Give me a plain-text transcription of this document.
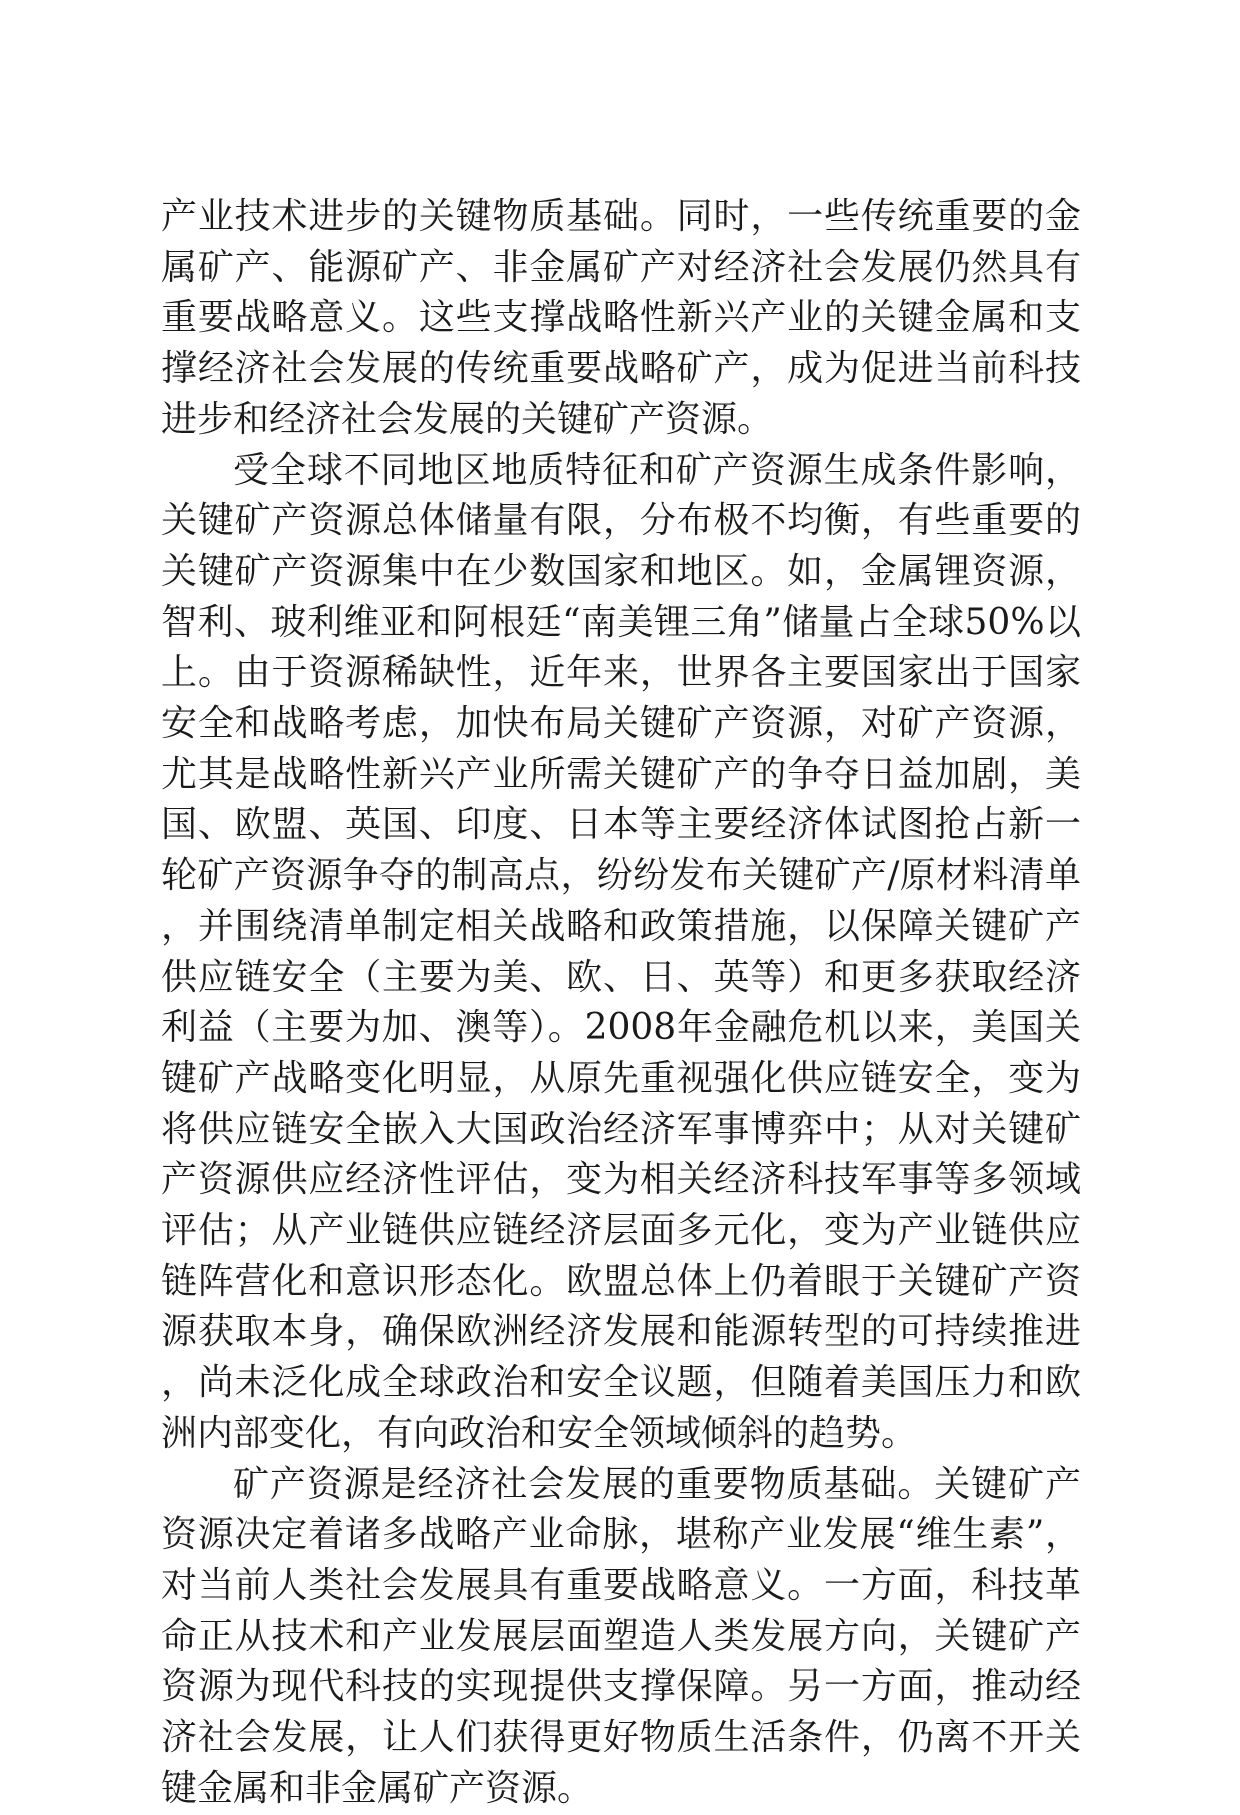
产业技术进步的关键物质基础。同时，一些传统重要的金属矿产、能源矿产、非金属矿产对经济社会发展仍然具有重要战略意义。这些支撑战略性新兴产业的关键金属和支撑经济社会发展的传统重要战略矿产，成为促进当前科技进步和经济社会发展的关键矿产资源。

受全球不同地区地质特征和矿产资源生成条件影响，关键矿产资源总体储量有限，分布极不均衡，有些重要的关键矿产资源集中在少数国家和地区。如，金属锂资源，智利、玻利维亚和阿根廷“南美锂三角”储量占全球50%以上。由于资源稀缺性，近年来，世界各主要国家出于国家安全和战略考虑，加快布局关键矿产资源，对矿产资源，尤其是战略性新兴产业所需关键矿产的争夺日益加剧，美国、欧盟、英国、印度、日本等主要经济体试图抢占新一轮矿产资源争夺的制高点，纷纷发布关键矿产/原材料清单，并围绕清单制定相关战略和政策措施，以保障关键矿产供应链安全（主要为美、欧、日、英等）和更多获取经济利益（主要为加、澳等）。2008年金融危机以来，美国关键矿产战略变化明显，从原先重视强化供应链安全，变为将供应链安全嵌入大国政治经济军事博弈中；从对关键矿产资源供应经济性评估，变为相关经济科技军事等多领域评估；从产业链供应链经济层面多元化，变为产业链供应链阵营化和意识形态化。欧盟总体上仍着眼于关键矿产资源获取本身，确保欧洲经济发展和能源转型的可持续推进，尚未泛化成全球政治和安全议题，但随着美国压力和欧洲内部变化，有向政治和安全领域倾斜的趋势。

矿产资源是经济社会发展的重要物质基础。关键矿产资源决定着诸多战略产业命脉，堪称产业发展“维生素”，对当前人类社会发展具有重要战略意义。一方面，科技革命正从技术和产业发展层面塑造人类发展方向，关键矿产资源为现代科技的实现提供支撑保障。另一方面，推动经济社会发展，让人们获得更好物质生活条件，仍离不开关键金属和非金属矿产资源。
